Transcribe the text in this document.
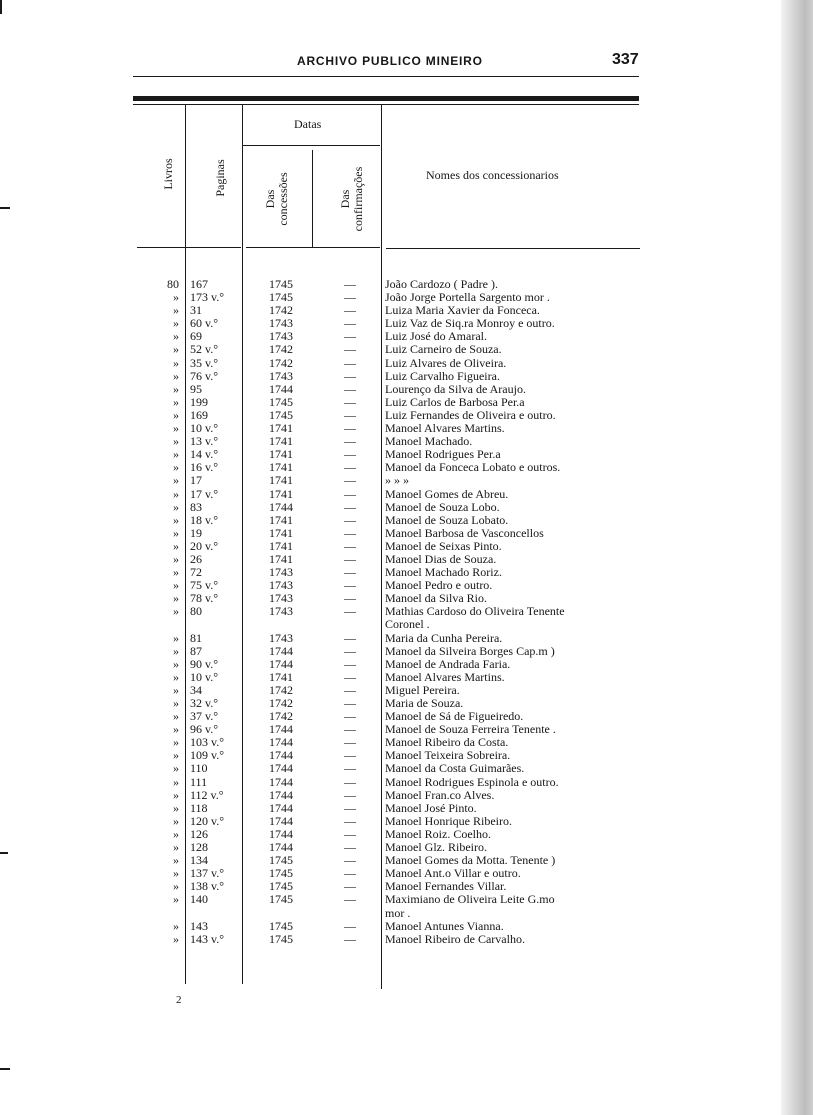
ARCHIVO PUBLICO MINEIRO	337
Livros	Paginas
Datas
Das concessões	Das confirmações	Nomes dos concessionarios
80 167	1745	—	João Cardozo ( Padre ).
» 173 v.°	1745	—	João Jorge Portella Sargento mor .
» 31	1742	—	Luiza Maria Xavier da Fonceca.
» 60 v.°	1743	—	Luiz Vaz de Siq.ra Monroy e outro.
» 69	1743	—	Luiz José do Amaral.
» 52 v.°	1742	—	Luiz Carneiro de Souza.
» 35 v.°	1742	—	Luiz Alvares de Oliveira.
» 76 v.°	1743	—	Luiz Carvalho Figueira.
» 95	1744	—	Lourenço da Silva de Araujo.
» 199	1745	—	Luiz Carlos de Barbosa Per.a
» 169	1745	—	Luiz Fernandes de Oliveira e outro.
» 10 v.°	1741	—	Manoel Alvares Martins.
» 13 v.°	1741	—	Manoel Machado.
» 14 v.°	1741	—	Manoel Rodrigues Per.a
» 16 v.°	1741	—	Manoel da Fonceca Lobato e outros.
» 17	1741	—	» » »
» 17 v.°	1741	—	Manoel Gomes de Abreu.
» 83	1744	—	Manoel de Souza Lobo.
» 18 v.°	1741	—	Manoel de Souza Lobato.
» 19	1741	—	Manoel Barbosa de Vasconcellos
» 20 v.°	1741	—	Manoel de Seixas Pinto.
» 26	1741	—	Manoel Dias de Souza.
» 72	1743	—	Manoel Machado Roriz.
» 75 v.°	1743	—	Manoel Pedro e outro.
» 78 v.°	1743	—	Manoel da Silva Rio.
» 80	1743	—	Mathias Cardoso do Oliveira Tenente
Coronel .
» 81	1743	—	Maria da Cunha Pereira.
» 87	1744	—	Manoel da Silveira Borges Cap.m )
» 90 v.°	1744	—	Manoel de Andrada Faria.
» 10 v.°	1741	—	Manoel Alvares Martins.
» 34	1742	—	Miguel Pereira.
» 32 v.°	1742	—	Maria de Souza.
» 37 v.°	1742	—	Manoel de Sá de Figueiredo.
» 96 v.°	1744	—	Manoel de Souza Ferreira Tenente .
» 103 v.°	1744	—	Manoel Ribeiro da Costa.
» 109 v.°	1744	—	Manoel Teixeira Sobreira.
» 110	1744	—	Manoel da Costa Guimarães.
» 111	1744	—	Manoel Rodrigues Espinola e outro.
» 112 v.°	1744	—	Manoel Fran.co Alves.
» 118	1744	—	Manoel José Pinto.
» 120 v.°	1744	—	Manoel Honrique Ribeiro.
» 126	1744	—	Manoel Roiz. Coelho.
» 128	1744	—	Manoel Glz. Ribeiro.
» 134	1745	—	Manoel Gomes da Motta. Tenente )
» 137 v.°	1745	—	Manoel Ant.o Villar e outro.
» 138 v.°	1745	—	Manoel Fernandes Villar.
» 140	1745	—	Maximiano de Oliveira Leite G.mo
mor .
» 143	1745	—	Manoel Antunes Vianna.
» 143 v.°	1745	—	Manoel Ribeiro de Carvalho.
2
